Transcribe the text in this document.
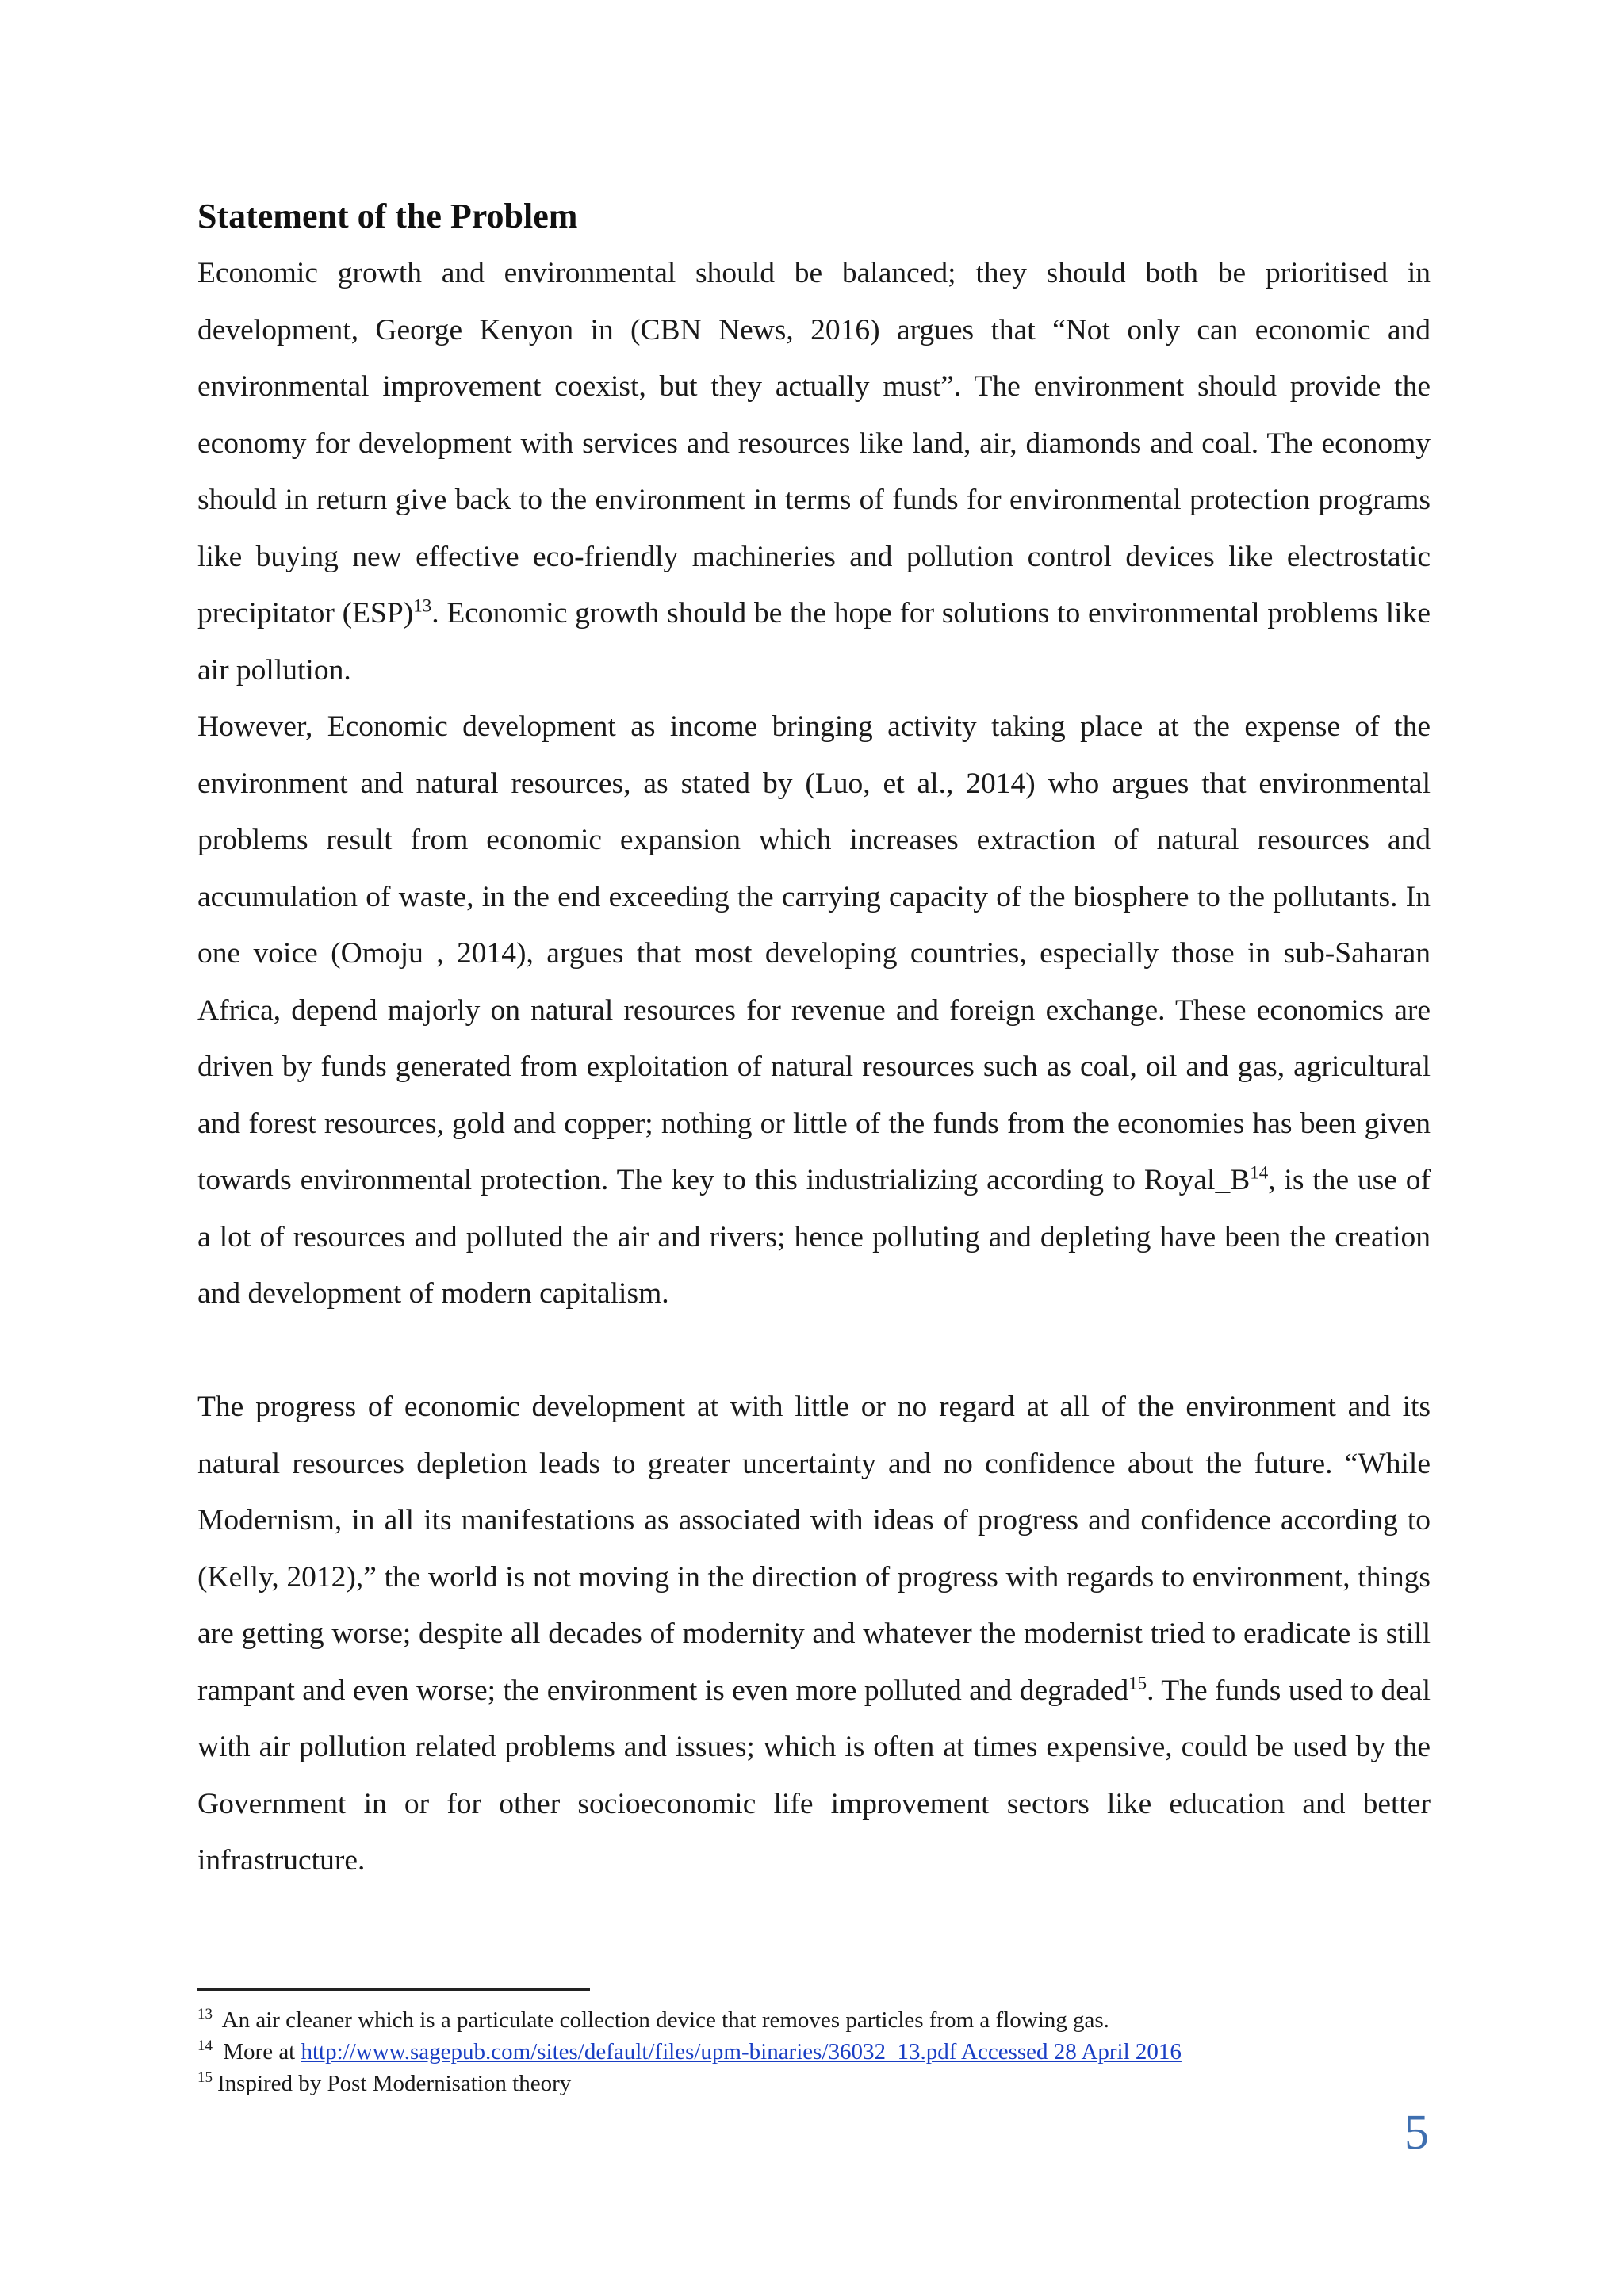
Statement of the Problem

Economic growth and environmental should be balanced; they should both be prioritised in development, George Kenyon in (CBN News, 2016) argues that “Not only can economic and environmental improvement coexist, but they actually must”. The environment should provide the economy for development with services and resources like land, air, diamonds and coal. The economy should in return give back to the environment in terms of funds for environmental protection programs like buying new effective eco-friendly machineries and pollution control devices like electrostatic precipitator (ESP)$^{13}$. Economic growth should be the hope for solutions to environmental problems like air pollution.

However, Economic development as income bringing activity taking place at the expense of the environment and natural resources, as stated by (Luo, et al., 2014) who argues that environmental problems result from economic expansion which increases extraction of natural resources and accumulation of waste, in the end exceeding the carrying capacity of the biosphere to the pollutants. In one voice (Omoju , 2014), argues that most developing countries, especially those in sub-Saharan Africa, depend majorly on natural resources for revenue and foreign exchange. These economics are driven by funds generated from exploitation of natural resources such as coal, oil and gas, agricultural and forest resources, gold and copper; nothing or little of the funds from the economies has been given towards environmental protection. The key to this industrializing according to $Royal\_B^{14}$, is the use of a lot of resources and polluted the air and rivers; hence polluting and depleting have been the creation and development of modern capitalism.

The progress of economic development at with little or no regard at all of the environment and its natural resources depletion leads to greater uncertainty and no confidence about the future. “While Modernism, in all its manifestations as associated with ideas of progress and confidence according to (Kelly, 2012),” the world is not moving in the direction of progress with regards to environment, things are getting worse; despite all decades of modernity and whatever the modernist tried to eradicate is still rampant and even worse; the environment is even more polluted and degraded$^{15}$. The funds used to deal with air pollution related problems and issues; which is often at times expensive, could be used by the Government in or for other socioeconomic life improvement sectors like education and better infrastructure.

$^{13}$ An air cleaner which is a particulate collection device that removes particles from a flowing gas.
$^{14}$ More at http://www.sagepub.com/sites/default/files/upm-binaries/36032_13.pdf Accessed 28 April 2016
$^{15}$ Inspired by Post Modernisation theory
5
